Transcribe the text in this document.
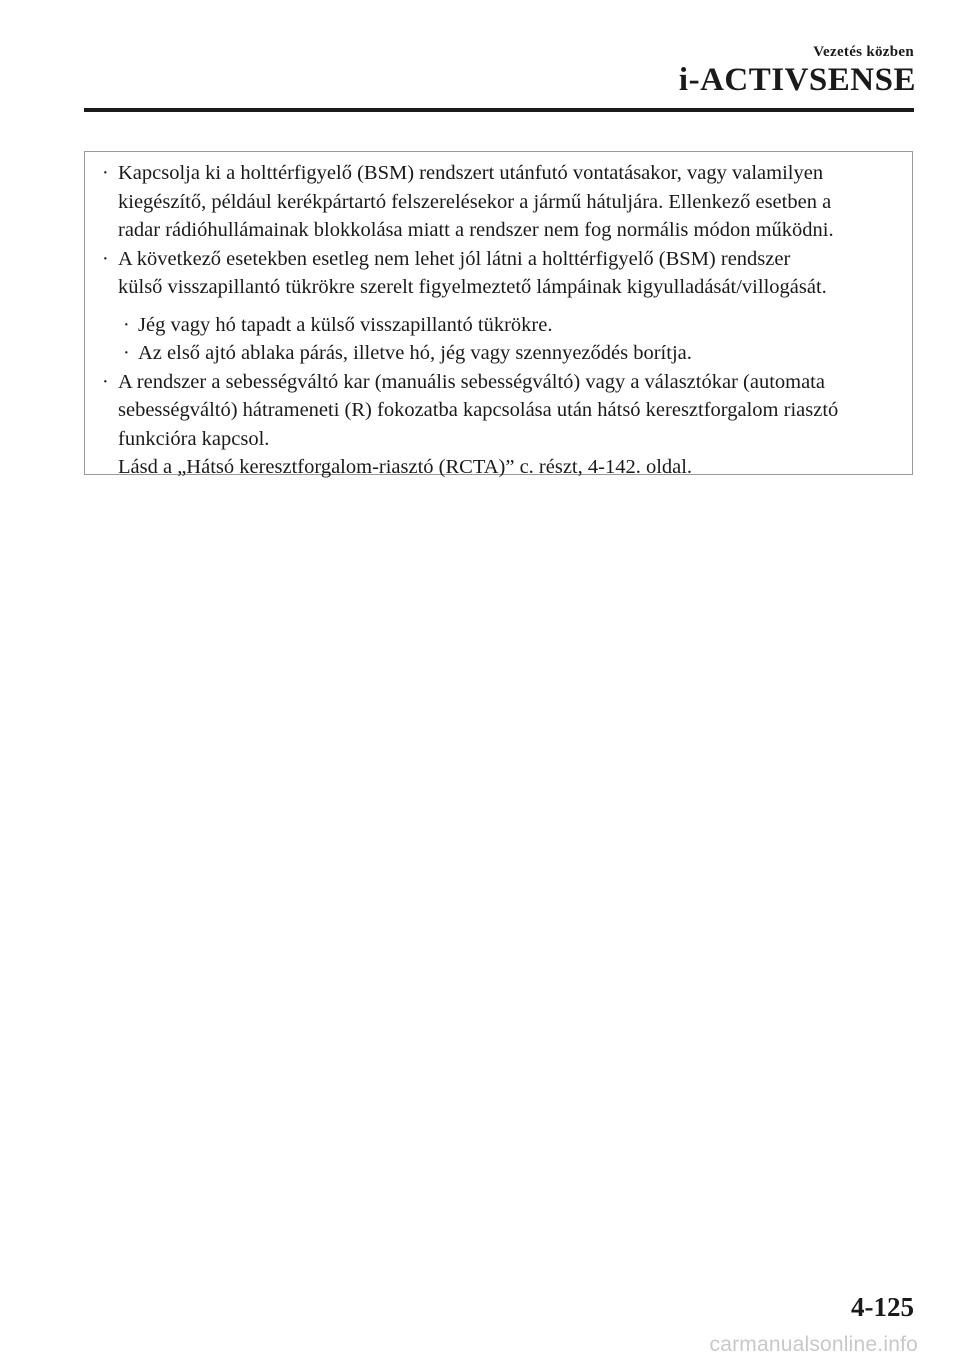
Vezetés közben
i-ACTIVSENSE
· Kapcsolja ki a holttérfigyelő (BSM) rendszert utánfutó vontatásakor, vagy valamilyen
kiegészítő, például kerékpártartó felszerelésekor a jármű hátuljára. Ellenkező esetben a
radar rádióhullámainak blokkolása miatt a rendszer nem fog normális módon működni.
· A következő esetekben esetleg nem lehet jól látni a holttérfigyelő (BSM) rendszer
külső visszapillantó tükrökre szerelt figyelmeztető lámpáinak kigyulladását/villogását.
· Jég vagy hó tapadt a külső visszapillantó tükrökre.
· Az első ajtó ablaka párás, illetve hó, jég vagy szennyeződés borítja.
· A rendszer a sebességváltó kar (manuális sebességváltó) vagy a választókar (automata
sebességváltó) hátrameneti (R) fokozatba kapcsolása után hátsó keresztforgalom riasztó
funkcióra kapcsol.
Lásd a „Hátsó keresztforgalom-riasztó (RCTA)” c. részt, 4-142. oldal.
4-125
carmanualsonline.info
